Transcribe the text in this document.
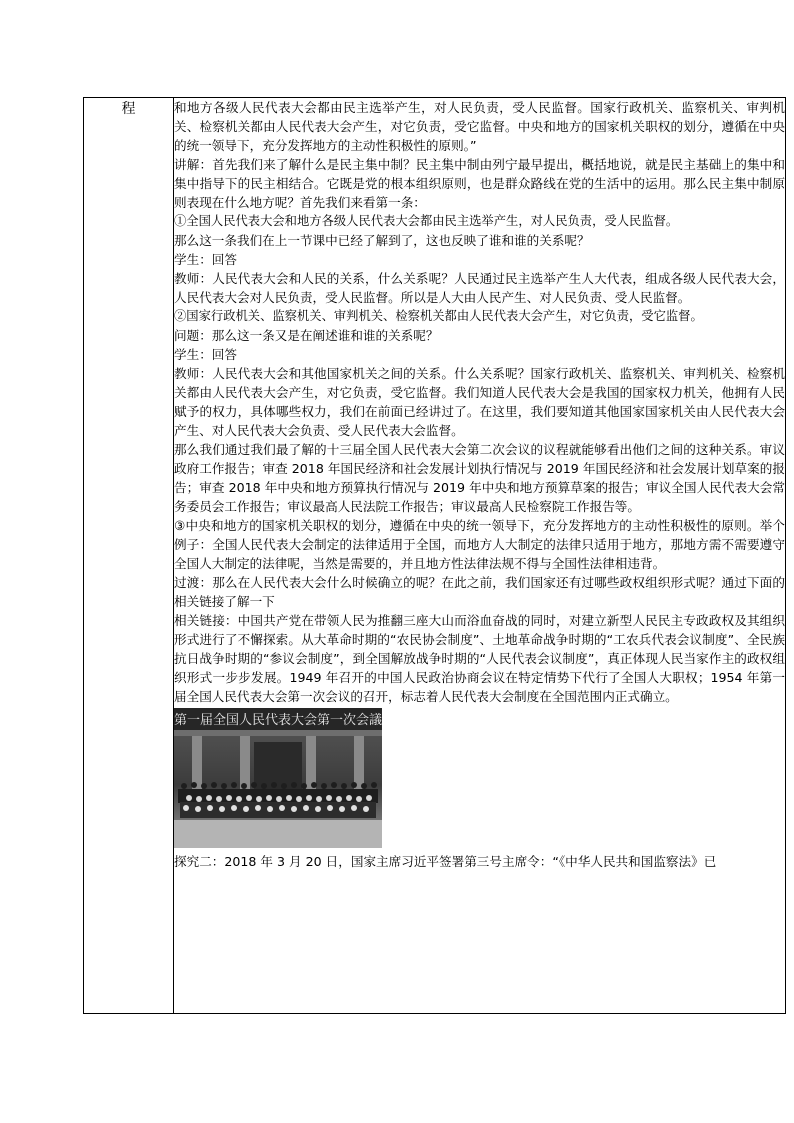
程	和地方各级人民代表大会都由民主选举产生，对人民负责，受人民监督。国家行政机关、监察机关、审判机关、检察机关都由人民代表大会产生，对它负责，受它监督。中央和地方的国家机关职权的划分，遵循在中央的统一领导下，充分发挥地方的主动性积极性的原则。”

讲解：首先我们来了解什么是民主集中制？民主集中制由列宁最早提出，概括地说，就是民主基础上的集中和集中指导下的民主相结合。它既是党的根本组织原则，也是群众路线在党的生活中的运用。那么民主集中制原则表现在什么地方呢？首先我们来看第一条：

①全国人民代表大会和地方各级人民代表大会都由民主选举产生，对人民负责，受人民监督。

那么这一条我们在上一节课中已经了解到了，这也反映了谁和谁的关系呢？

学生：回答

教师：人民代表大会和人民的关系，什么关系呢？人民通过民主选举产生人大代表，组成各级人民代表大会，人民代表大会对人民负责，受人民监督。所以是人大由人民产生、对人民负责、受人民监督。

②国家行政机关、监察机关、审判机关、检察机关都由人民代表大会产生，对它负责，受它监督。

问题：那么这一条又是在阐述谁和谁的关系呢？

学生：回答

教师：人民代表大会和其他国家机关之间的关系。什么关系呢？国家行政机关、监察机关、审判机关、检察机关都由人民代表大会产生，对它负责，受它监督。我们知道人民代表大会是我国的国家权力机关，他拥有人民赋予的权力，具体哪些权力，我们在前面已经讲过了。在这里，我们要知道其他国家国家机关由人民代表大会产生、对人民代表大会负责、受人民代表大会监督。

那么我们通过我们最了解的十三届全国人民代表大会第二次会议的议程就能够看出他们之间的这种关系。审议政府工作报告；审查 2018 年国民经济和社会发展计划执行情况与 2019 年国民经济和社会发展计划草案的报告；审查 2018 年中央和地方预算执行情况与 2019 年中央和地方预算草案的报告；审议全国人民代表大会常务委员会工作报告；审议最高人民法院工作报告；审议最高人民检察院工作报告等。

③中央和地方的国家机关职权的划分，遵循在中央的统一领导下，充分发挥地方的主动性积极性的原则。举个例子：全国人民代表大会制定的法律适用于全国，而地方人大制定的法律只适用于地方，那地方需不需要遵守全国人大制定的法律呢，当然是需要的，并且地方性法律法规不得与全国性法律相违背。

过渡：那么在人民代表大会什么时候确立的呢？在此之前，我们国家还有过哪些政权组织形式呢？通过下面的相关链接了解一下

相关链接：中国共产党在带领人民为推翻三座大山而浴血奋战的同时，对建立新型人民民主专政政权及其组织形式进行了不懈探索。从大革命时期的“农民协会制度”、土地革命战争时期的“工农兵代表会议制度”、全民族抗日战争时期的“参议会制度”，到全国解放战争时期的“人民代表会议制度”，真正体现人民当家作主的政权组织形式一步步发展。1949 年召开的中国人民政治协商会议在特定情势下代行了全国人大职权；1954 年第一届全国人民代表大会第一次会议的召开，标志着人民代表大会制度在全国范围内正式确立。

第一届全国人民代表大会第一次会議

探究二：2018 年 3 月 20 日，国家主席习近平签署第三号主席令：“《中华人民共和国监察法》已
